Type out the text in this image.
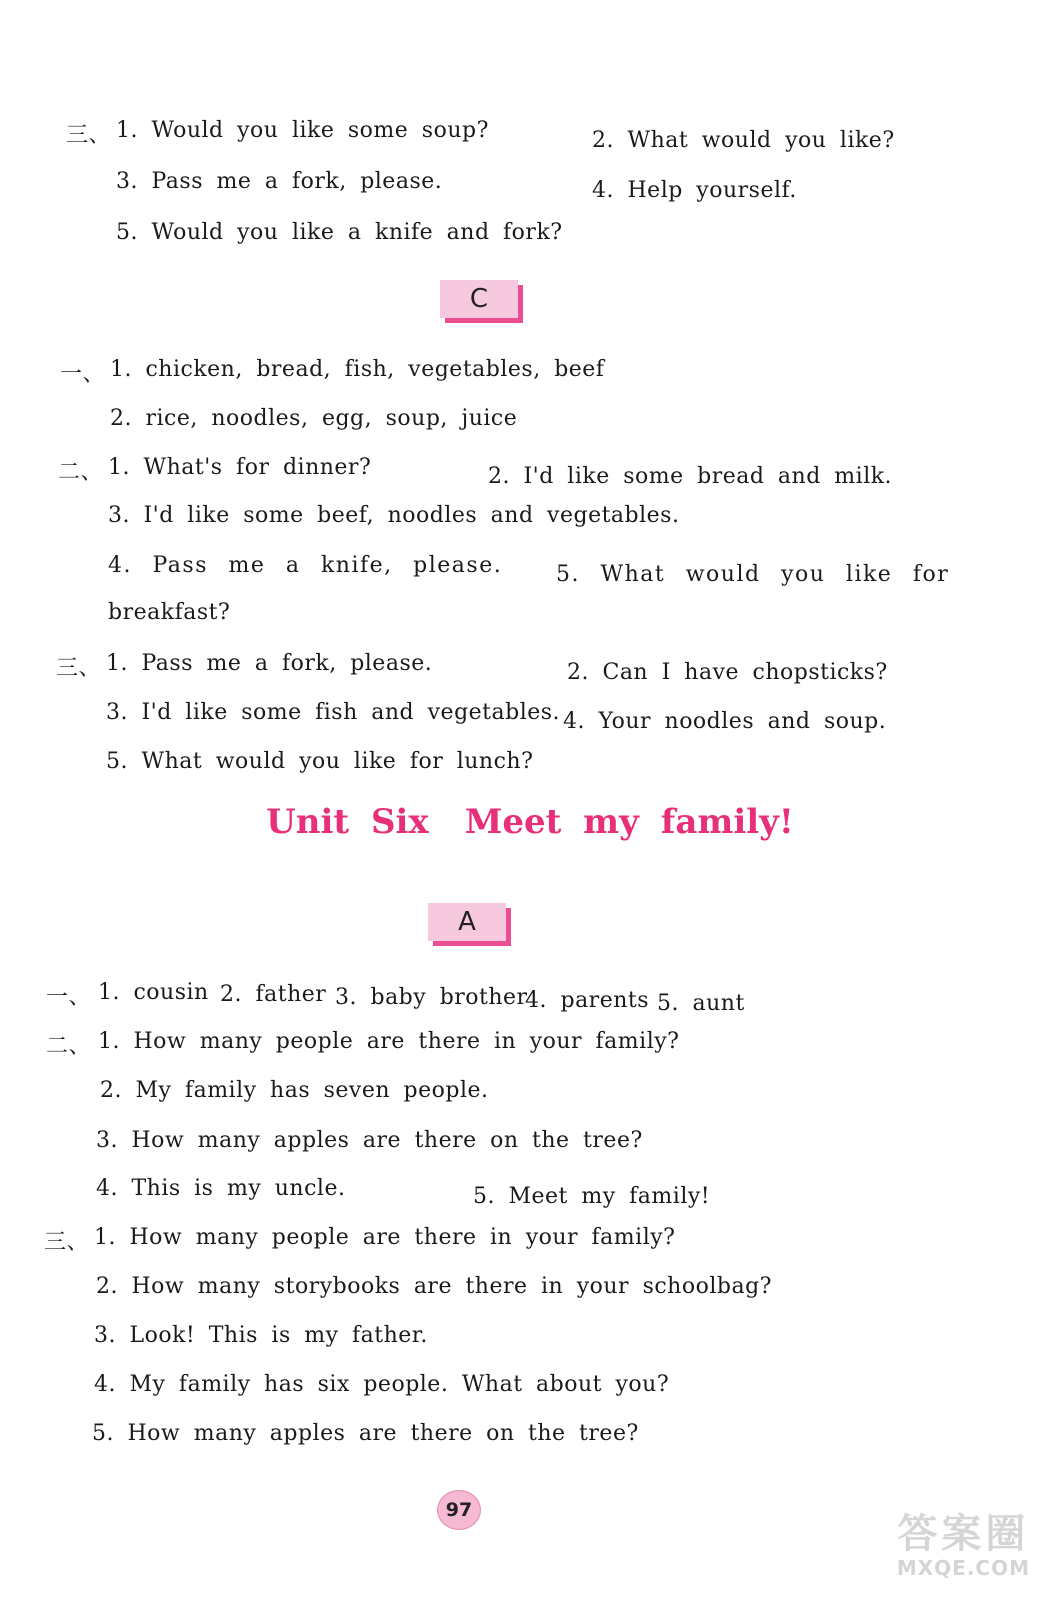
三、 1. Would you like some soup?	2. What would you like?
3. Pass me a fork, please.	4. Help yourself.
5. Would you like a knife and fork?
C
一、 1. chicken, bread, fish, vegetables, beef
2. rice, noodles, egg, soup, juice
二、 1. What's for dinner?	2. I'd like some bread and milk.
3. I'd like some beef, noodles and vegetables.
4. Pass me a knife, please. 5. What would you like for
breakfast?
三、 1. Pass me a fork, please.	2. Can I have chopsticks?
3. I'd like some fish and vegetables. 4. Your noodles and soup.
5. What would you like for lunch?
Unit Six Meet my family!
A
一、 1. cousin 2. father 3. baby brother
4. parents 5. aunt
二、 1. How many people are there in your family?
2. My family has seven people.
3. How many apples are there on the tree?
4. This is my uncle.	5. Meet my family!
三、 1. How many people are there in your family?
2. How many storybooks are there in your schoolbag?
3. Look! This is my father.
4. My family has six people. What about you?
5. How many apples are there on the tree?
97
答案圈
MXQE.COM
